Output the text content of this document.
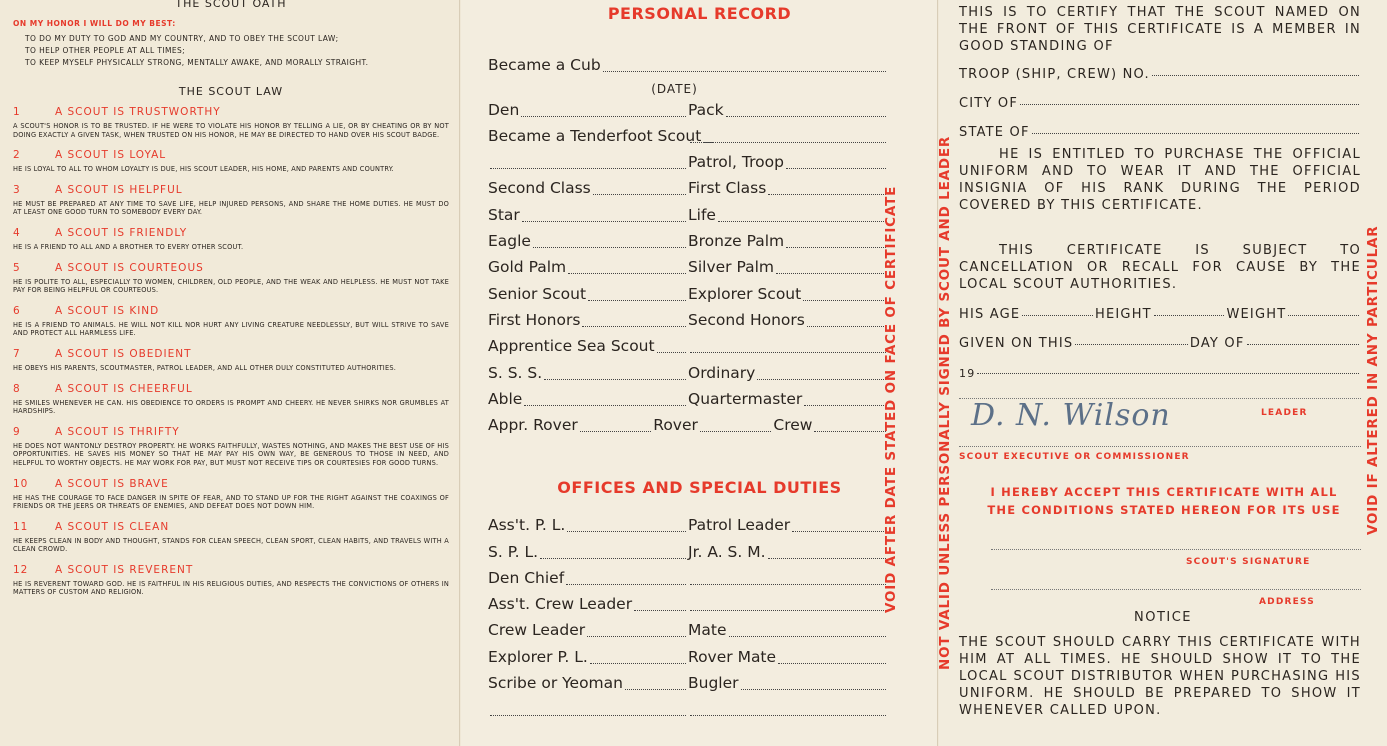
THE SCOUT OATH
ON MY HONOR I WILL DO MY BEST:
TO DO MY DUTY TO GOD AND MY COUNTRY, AND TO OBEY THE SCOUT LAW;
TO HELP OTHER PEOPLE AT ALL TIMES;
TO KEEP MYSELF PHYSICALLY STRONG, MENTALLY AWAKE, AND MORALLY STRAIGHT.
THE SCOUT LAW
1	A SCOUT IS TRUSTWORTHY
A SCOUT'S HONOR IS TO BE TRUSTED. IF HE WERE TO VIOLATE HIS HONOR BY TELLING A LIE, OR BY CHEATING OR BY NOT DOING EXACTLY A GIVEN TASK, WHEN TRUSTED ON HIS HONOR, HE MAY BE DIRECTED TO HAND OVER HIS SCOUT BADGE.
2	A SCOUT IS LOYAL
HE IS LOYAL TO ALL TO WHOM LOYALTY IS DUE, HIS SCOUT LEADER, HIS HOME, AND PARENTS AND COUNTRY.
3	A SCOUT IS HELPFUL
HE MUST BE PREPARED AT ANY TIME TO SAVE LIFE, HELP INJURED PERSONS, AND SHARE THE HOME DUTIES. HE MUST DO AT LEAST ONE GOOD TURN TO SOMEBODY EVERY DAY.
4	A SCOUT IS FRIENDLY
HE IS A FRIEND TO ALL AND A BROTHER TO EVERY OTHER SCOUT.
5	A SCOUT IS COURTEOUS
HE IS POLITE TO ALL, ESPECIALLY TO WOMEN, CHILDREN, OLD PEOPLE, AND THE WEAK AND HELPLESS. HE MUST NOT TAKE PAY FOR BEING HELPFUL OR COURTEOUS.
6	A SCOUT IS KIND
HE IS A FRIEND TO ANIMALS. HE WILL NOT KILL NOR HURT ANY LIVING CREATURE NEEDLESSLY, BUT WILL STRIVE TO SAVE AND PROTECT ALL HARMLESS LIFE.
7	A SCOUT IS OBEDIENT
HE OBEYS HIS PARENTS, SCOUTMASTER, PATROL LEADER, AND ALL OTHER DULY CONSTITUTED AUTHORITIES.
8	A SCOUT IS CHEERFUL
HE SMILES WHENEVER HE CAN. HIS OBEDIENCE TO ORDERS IS PROMPT AND CHEERY. HE NEVER SHIRKS NOR GRUMBLES AT HARDSHIPS.
9	A SCOUT IS THRIFTY
HE DOES NOT WANTONLY DESTROY PROPERTY. HE WORKS FAITHFULLY, WASTES NOTHING, AND MAKES THE BEST USE OF HIS OPPORTUNITIES. HE SAVES HIS MONEY SO THAT HE MAY PAY HIS OWN WAY, BE GENEROUS TO THOSE IN NEED, AND HELPFUL TO WORTHY OBJECTS. HE MAY WORK FOR PAY, BUT MUST NOT RECEIVE TIPS OR COURTESIES FOR GOOD TURNS.
10	A SCOUT IS BRAVE
HE HAS THE COURAGE TO FACE DANGER IN SPITE OF FEAR, AND TO STAND UP FOR THE RIGHT AGAINST THE COAXINGS OF FRIENDS OR THE JEERS OR THREATS OF ENEMIES, AND DEFEAT DOES NOT DOWN HIM.
11	A SCOUT IS CLEAN
HE KEEPS CLEAN IN BODY AND THOUGHT, STANDS FOR CLEAN SPEECH, CLEAN SPORT, CLEAN HABITS, AND TRAVELS WITH A CLEAN CROWD.
12	A SCOUT IS REVERENT
HE IS REVERENT TOWARD GOD. HE IS FAITHFUL IN HIS RELIGIOUS DUTIES, AND RESPECTS THE CONVICTIONS OF OTHERS IN MATTERS OF CUSTOM AND RELIGION.
PERSONAL RECORD
Became a Cub
(DATE)
Den	Pack
Became a Tenderfoot Scout
Patrol, Troop
Second Class	First Class
Star	Life
Eagle	Bronze Palm
Gold Palm	Silver Palm
Senior Scout	Explorer Scout
First Honors	Second Honors
Apprentice Sea Scout
S. S. S.	Ordinary
Able	Quartermaster
Appr. Rover	Rover	Crew
OFFICES AND SPECIAL DUTIES
Ass't. P. L.	Patrol Leader
S. P. L.	Jr. A. S. M.
Den Chief
Ass't. Crew Leader
Crew Leader	Mate
Explorer P. L.	Rover Mate
Scribe or Yeoman	Bugler
VOID AFTER DATE STATED ON FACE OF CERTIFICATE	NOT VALID UNLESS PERSONALLY SIGNED BY SCOUT AND LEADER	VOID IF ALTERED IN ANY PARTICULAR
THIS IS TO CERTIFY THAT THE SCOUT NAMED ON THE FRONT OF THIS CERTIFICATE IS A MEMBER IN GOOD STANDING OF
TROOP (SHIP, CREW) NO.
CITY OF
STATE OF
HE IS ENTITLED TO PURCHASE THE OFFICIAL UNIFORM AND TO WEAR IT AND THE OFFICIAL INSIGNIA OF HIS RANK DURING THE PERIOD COVERED BY THIS CERTIFICATE.
THIS CERTIFICATE IS SUBJECT TO CANCELLATION OR RECALL FOR CAUSE BY THE LOCAL SCOUT AUTHORITIES.
HIS AGE	HEIGHT	WEIGHT
GIVEN ON THIS	DAY OF
19
LEADER
D. N. Wilson
SCOUT EXECUTIVE OR COMMISSIONER
I HEREBY ACCEPT THIS CERTIFICATE WITH ALL THE CONDITIONS STATED HEREON FOR ITS USE
SCOUT'S SIGNATURE
ADDRESS
NOTICE
THE SCOUT SHOULD CARRY THIS CERTIFICATE WITH HIM AT ALL TIMES. HE SHOULD SHOW IT TO THE LOCAL SCOUT DISTRIBUTOR WHEN PURCHASING HIS UNIFORM. HE SHOULD BE PREPARED TO SHOW IT WHENEVER CALLED UPON.
